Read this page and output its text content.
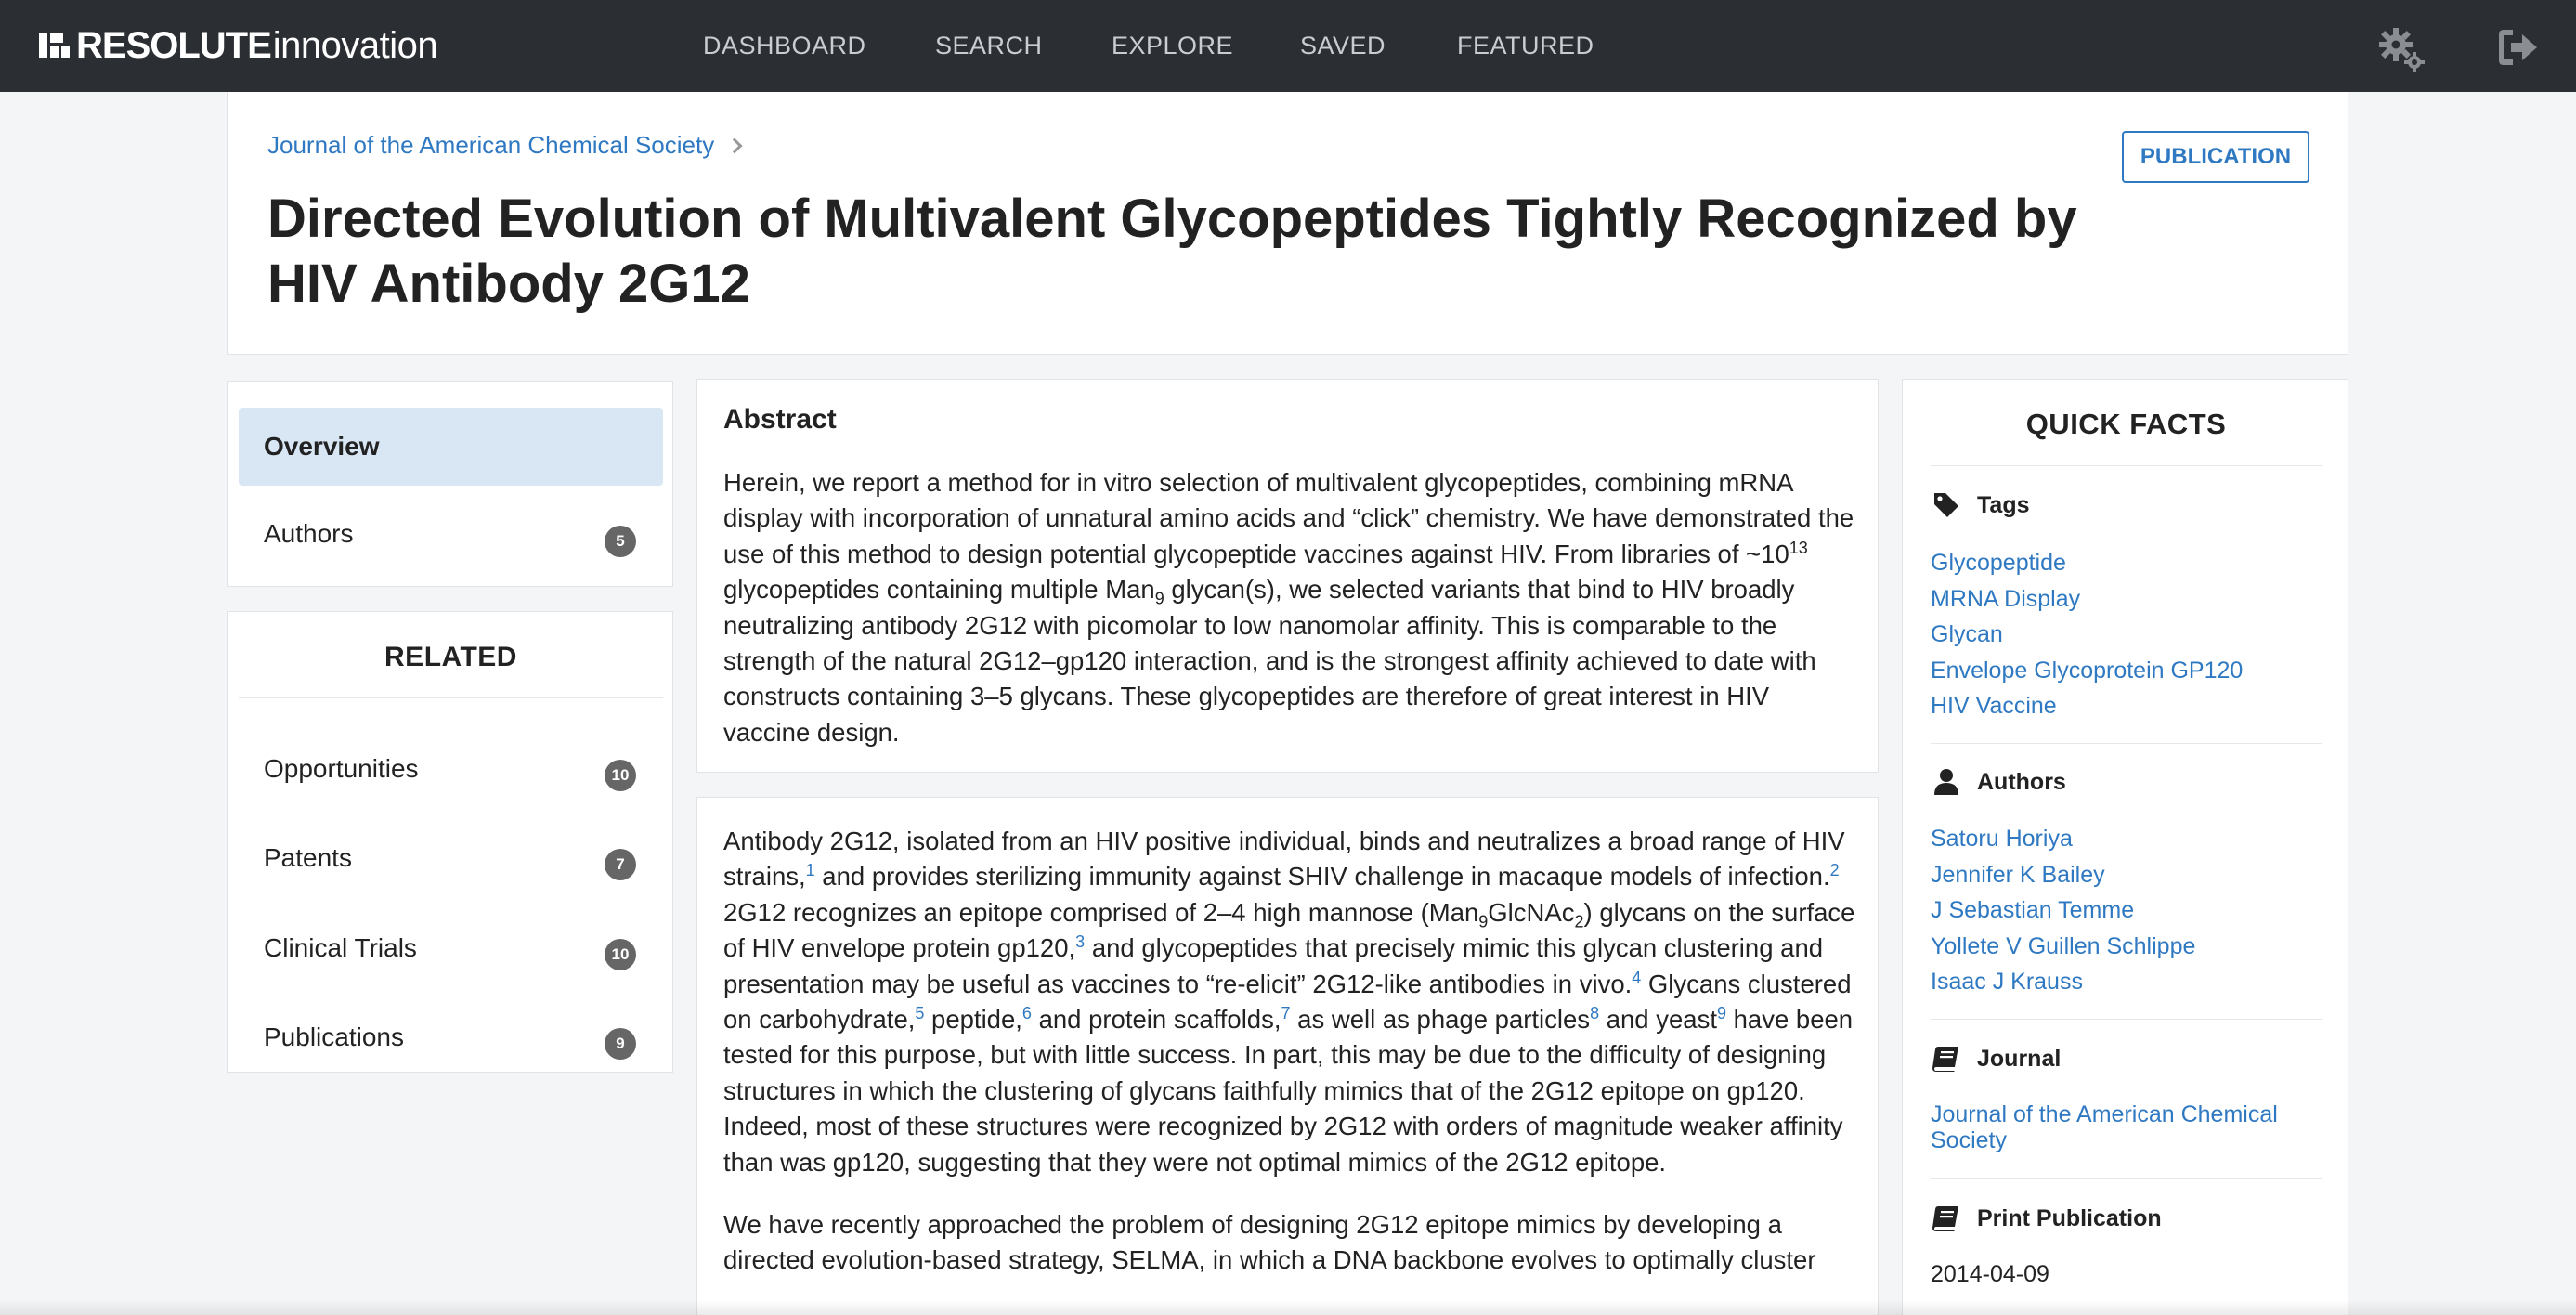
RESOLUTE innovation	DASHBOARD	SEARCH	EXPLORE	SAVED	FEATURED
Journal of the American Chemical Society
Directed Evolution of Multivalent Glycopeptides Tightly Recognized by HIV Antibody 2G12
PUBLICATION
Overview
Authors	5
RELATED
Opportunities	10
Patents	7
Clinical Trials	10
Publications	9
Abstract
Herein, we report a method for in vitro selection of multivalent glycopeptides, combining mRNA display with incorporation of unnatural amino acids and “click” chemistry. We have demonstrated the use of this method to design potential glycopeptide vaccines against HIV. From libraries of $\sim 10^{13}$ glycopeptides containing multiple Man$_9$ glycan(s), we selected variants that bind to HIV broadly neutralizing antibody 2G12 with picomolar to low nanomolar affinity. This is comparable to the strength of the natural 2G12–gp120 interaction, and is the strongest affinity achieved to date with constructs containing 3–5 glycans. These glycopeptides are therefore of great interest in HIV vaccine design.

Antibody 2G12, isolated from an HIV positive individual, binds and neutralizes a broad range of HIV strains,$^1$ and provides sterilizing immunity against SHIV challenge in macaque models of infection.$^2$ 2G12 recognizes an epitope comprised of 2–4 high mannose (Man$_9$GlcNAc$_2$) glycans on the surface of HIV envelope protein gp120,$^3$ and glycopeptides that precisely mimic this glycan clustering and presentation may be useful as vaccines to “re-elicit” 2G12-like antibodies in vivo.$^4$ Glycans clustered on carbohydrate,$^5$ peptide,$^6$ and protein scaffolds,$^7$ as well as phage particles$^8$ and yeast$^9$ have been tested for this purpose, but with little success. In part, this may be due to the difficulty of designing structures in which the clustering of glycans faithfully mimics that of the 2G12 epitope on gp120. Indeed, most of these structures were recognized by 2G12 with orders of magnitude weaker affinity than was gp120, suggesting that they were not optimal mimics of the 2G12 epitope.

We have recently approached the problem of designing 2G12 epitope mimics by developing a directed evolution-based strategy, SELMA, in which a DNA backbone evolves to optimally cluster

QUICK FACTS
Tags
Glycopeptide
MRNA Display
Glycan
Envelope Glycoprotein GP120
HIV Vaccine
Authors
Satoru Horiya
Jennifer K Bailey
J Sebastian Temme
Yollete V Guillen Schlippe
Isaac J Krauss
Journal
Journal of the American Chemical Society
Print Publication
2014-04-09
